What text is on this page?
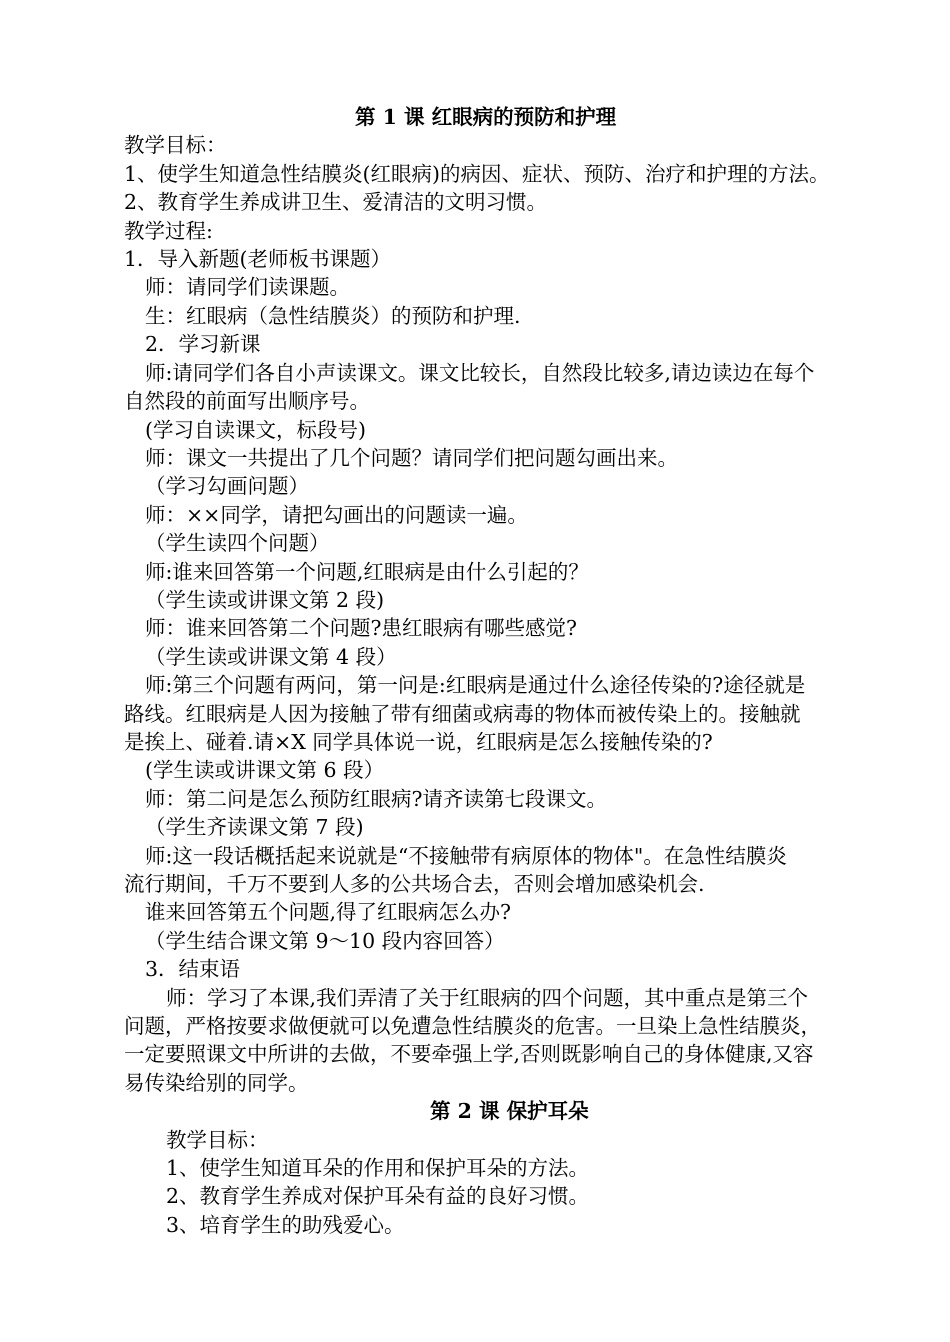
第 1 课 红眼病的预防和护理
教学目标：
1、使学生知道急性结膜炎(红眼病)的病因、症状、预防、治疗和护理的方法。
2、教育学生养成讲卫生、爱清洁的文明习惯。
教学过程:
1．导入新题(老师板书课题）
师：请同学们读课题。
生：红眼病（急性结膜炎）的预防和护理.
2．学习新课
师:请同学们各自小声读课文。课文比较长，自然段比较多,请边读边在每个
自然段的前面写出顺序号。
(学习自读课文，标段号)
师：课文一共提出了几个问题？请同学们把问题勾画出来。
（学习勾画问题）
师：××同学，请把勾画出的问题读一遍。
（学生读四个问题）
师:谁来回答第一个问题,红眼病是由什么引起的？
（学生读或讲课文第 2 段)
师：谁来回答第二个问题?患红眼病有哪些感觉?
（学生读或讲课文第 4 段）
师:第三个问题有两问，第一问是:红眼病是通过什么途径传染的?途径就是
路线。红眼病是人因为接触了带有细菌或病毒的物体而被传染上的。接触就
是挨上、碰着.请×X 同学具体说一说，红眼病是怎么接触传染的?
(学生读或讲课文第 6 段）
师：第二问是怎么预防红眼病?请齐读第七段课文。
（学生齐读课文第 7 段)
师:这一段话概括起来说就是“不接触带有病原体的物体"。在急性结膜炎
流行期间，千万不要到人多的公共场合去，否则会增加感染机会.
谁来回答第五个问题,得了红眼病怎么办?
（学生结合课文第 9～10 段内容回答）
3．结束语
师：学习了本课,我们弄清了关于红眼病的四个问题，其中重点是第三个
问题，严格按要求做便就可以免遭急性结膜炎的危害。一旦染上急性结膜炎，
一定要照课文中所讲的去做，不要牵强上学,否则既影响自己的身体健康,又容
易传染给别的同学。
第 2 课 保护耳朵
教学目标：
1、使学生知道耳朵的作用和保护耳朵的方法。
2、教育学生养成对保护耳朵有益的良好习惯。
3、培育学生的助残爱心。
